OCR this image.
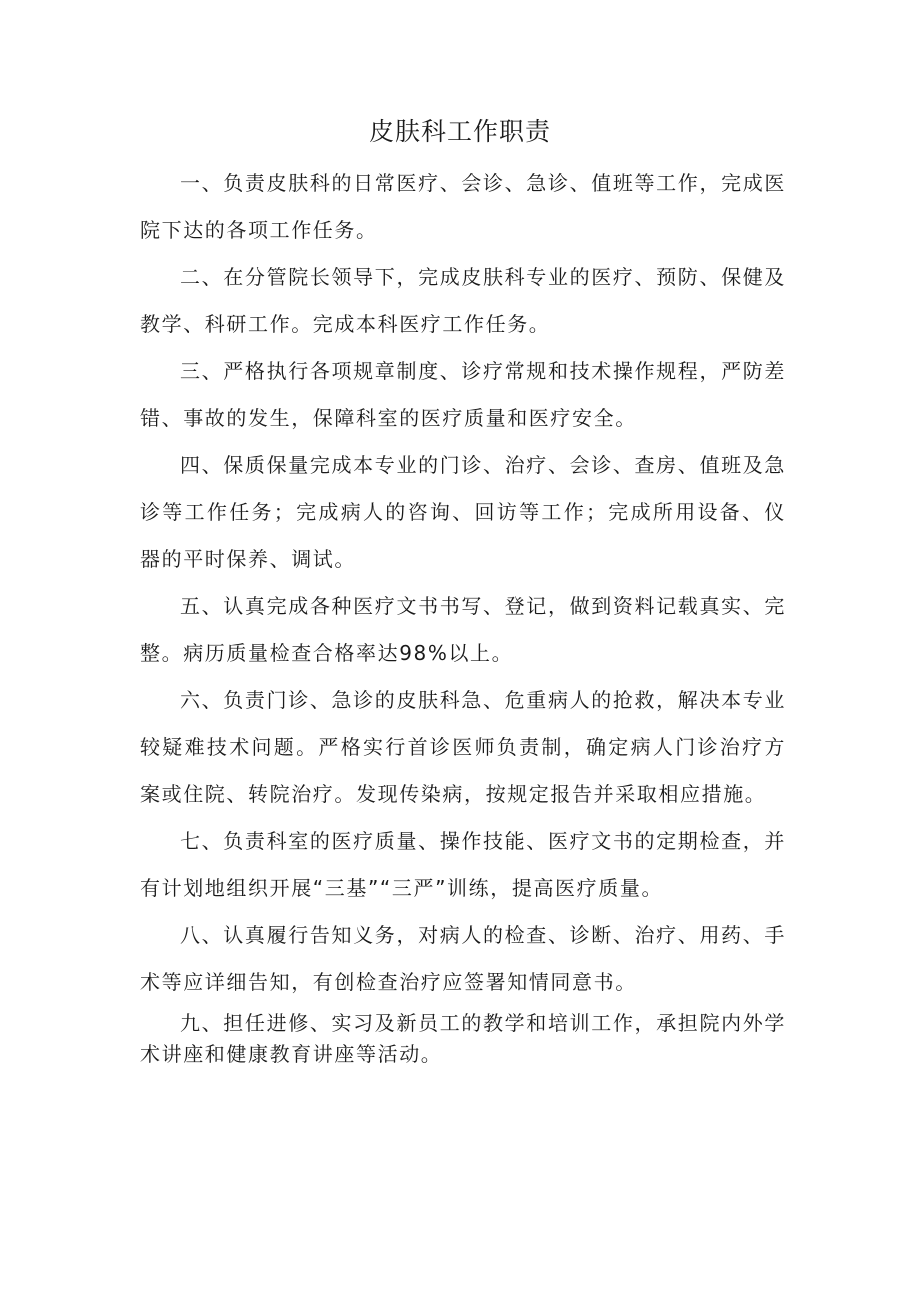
皮肤科工作职责

一、负责皮肤科的日常医疗、会诊、急诊、值班等工作，完成医院下达的各项工作任务。

二、在分管院长领导下，完成皮肤科专业的医疗、预防、保健及教学、科研工作。完成本科医疗工作任务。

三、严格执行各项规章制度、诊疗常规和技术操作规程，严防差错、事故的发生，保障科室的医疗质量和医疗安全。

四、保质保量完成本专业的门诊、治疗、会诊、查房、值班及急诊等工作任务；完成病人的咨询、回访等工作；完成所用设备、仪器的平时保养、调试。

五、认真完成各种医疗文书书写、登记，做到资料记载真实、完整。病历质量检查合格率达98%以上。

六、负责门诊、急诊的皮肤科急、危重病人的抢救，解决本专业较疑难技术问题。严格实行首诊医师负责制，确定病人门诊治疗方案或住院、转院治疗。发现传染病，按规定报告并采取相应措施。

七、负责科室的医疗质量、操作技能、医疗文书的定期检查，并有计划地组织开展“三基”“三严”训练，提高医疗质量。

八、认真履行告知义务，对病人的检查、诊断、治疗、用药、手术等应详细告知，有创检查治疗应签署知情同意书。

九、担任进修、实习及新员工的教学和培训工作，承担院内外学术讲座和健康教育讲座等活动。
